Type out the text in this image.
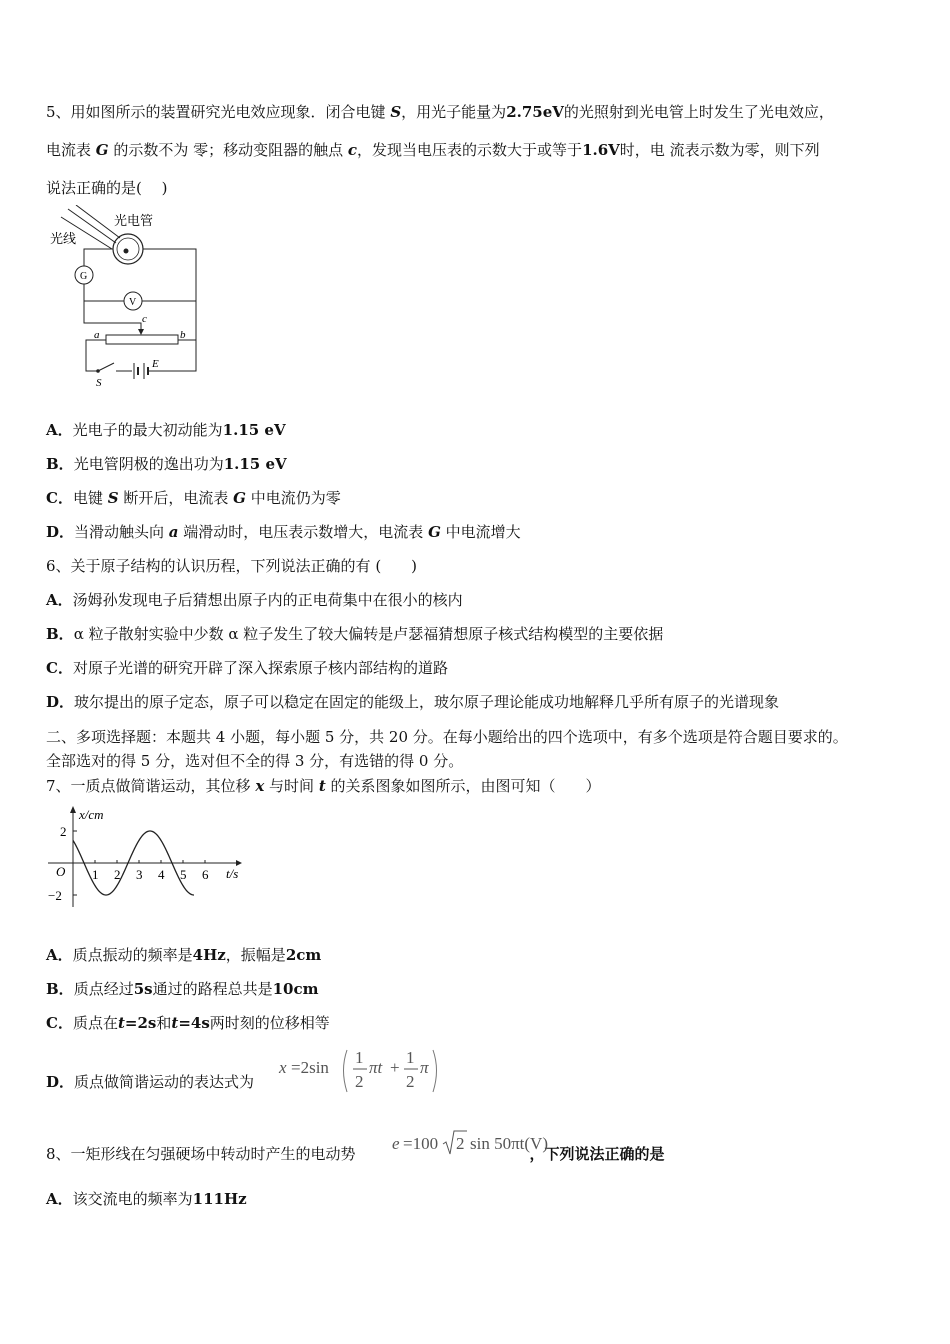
5、用如图所示的装置研究光电效应现象．闭合电键 S，用光子能量为2.75eV的光照射到光电管上时发生了光电效应，
电流表 G 的示数不为 零；移动变阻器的触点 c，发现当电压表的示数大于或等于1.6V时，电 流表示数为零，则下列
说法正确的是(　 )
光线
光电管
G
V
c
a	b
S
E
A．光电子的最大初动能为1.15 eV
B．光电管阴极的逸出功为1.15 eV
C．电键 S 断开后，电流表 G 中电流仍为零
D．当滑动触头向 a 端滑动时，电压表示数增大，电流表 G 中电流增大
6、关于原子结构的认识历程，下列说法正确的有 (　　)
A．汤姆孙发现电子后猜想出原子内的正电荷集中在很小的核内
B．α 粒子散射实验中少数 α 粒子发生了较大偏转是卢瑟福猜想原子核式结构模型的主要依据
C．对原子光谱的研究开辟了深入探索原子核内部结构的道路
D．玻尔提出的原子定态，原子可以稳定在固定的能级上，玻尔原子理论能成功地解释几乎所有原子的光谱现象
二、多项选择题：本题共 4 小题，每小题 5 分，共 20 分。在每小题给出的四个选项中，有多个选项是符合题目要求的。
全部选对的得 5 分，选对但不全的得 3 分，有选错的得 0 分。
7、一质点做简谐运动，其位移 x 与时间 t 的关系图象如图所示，由图可知（　　）
x/cm
t/s
O
2
−2
1 2 3 4 5 6
A．质点振动的频率是4Hz，振幅是2cm
B．质点经过5s通过的路程总共是10cm
C．质点在t=2s和t=4s两时刻的位移相等
D．质点做简谐运动的表达式为
x =2sin
1
2
πt +
1
2
π
8、一矩形线在匀强硬场中转动时产生的电动势	，下列说法正确的是
e =100 2 sin 50πt(V)
A．该交流电的频率为111Hz
